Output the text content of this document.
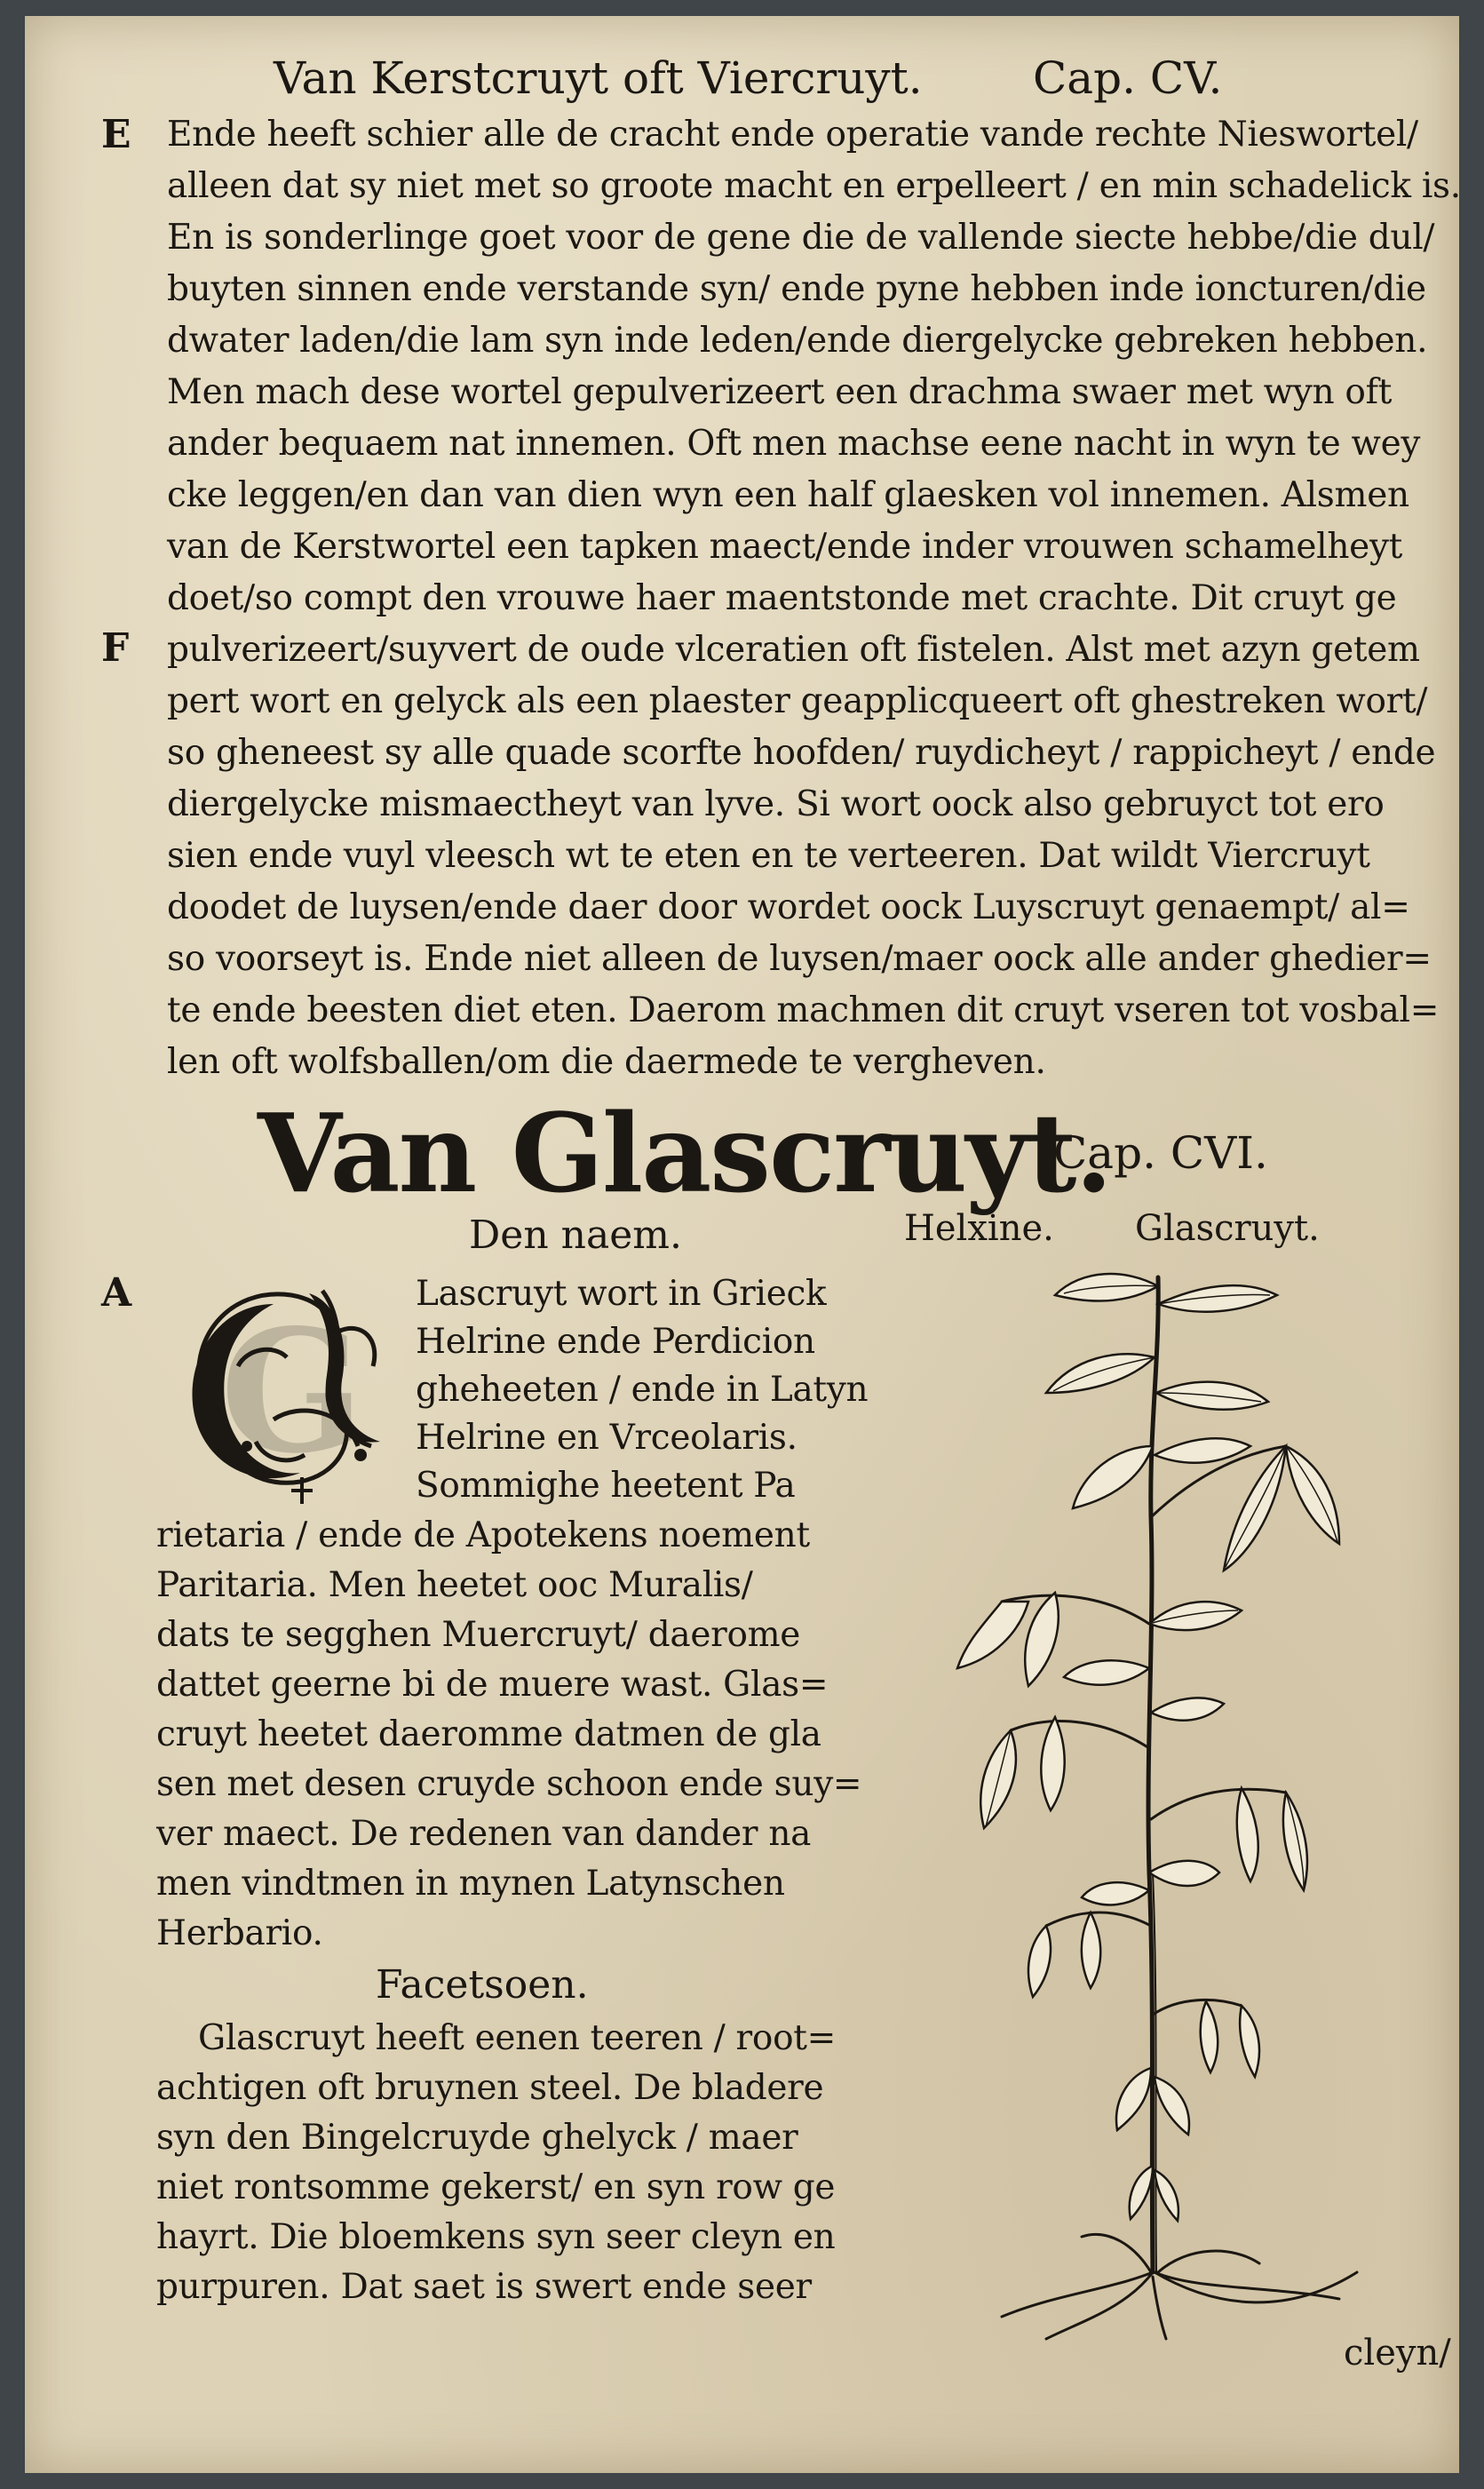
Van Kerstcruyt oft Viercruyt. Cap. CV.
E
F
Ende heeft schier alle de cracht ende operatie vande rechte Nieswortel/
alleen dat sy niet met so groote macht en erpelleert / en min schadelick is.
En is sonderlinge goet voor de gene die de vallende siecte hebbe/die dul/
buyten sinnen ende verstande syn/ ende pyne hebben inde ioncturen/die
dwater laden/die lam syn inde leden/ende diergelycke gebreken hebben.
Men mach dese wortel gepulverizeert een drachma swaer met wyn oft
ander bequaem nat innemen. Oft men machse eene nacht in wyn te wey
cke leggen/en dan van dien wyn een half glaesken vol innemen. Alsmen
van de Kerstwortel een tapken maect/ende inder vrouwen schamelheyt
doet/so compt den vrouwe haer maentstonde met crachte. Dit cruyt ge
pulverizeert/suyvert de oude vlceratien oft fistelen. Alst met azyn getem
pert wort en gelyck als een plaester geapplicqueert oft ghestreken wort/
so gheneest sy alle quade scorfte hoofden/ ruydicheyt / rappicheyt / ende
diergelycke mismaectheyt van lyve. Si wort oock also gebruyct tot ero
sien ende vuyl vleesch wt te eten en te verteeren. Dat wildt Viercruyt
doodet de luysen/ende daer door wordet oock Luyscruyt genaempt/ al=
so voorseyt is. Ende niet alleen de luysen/maer oock alle ander ghedier=
te ende beesten diet eten. Daerom machmen dit cruyt vseren tot vosbal=
len oft wolfsballen/om die daermede te vergheven.
Van Glascruyt.
Cap. CVI.
Den naem.	Helxine. Glascruyt.
A G Lascruyt wort in Grieck
Helrine ende Perdicion
gheheeten / ende in Latyn
Helrine en Vrceolaris.
Sommighe heetent Pa
rietaria / ende de Apotekens noement
Paritaria. Men heetet ooc Muralis/
dats te segghen Muercruyt/ daerome
dattet geerne bi de muere wast. Glas=
cruyt heetet daeromme datmen de gla
sen met desen cruyde schoon ende suy=
ver maect. De redenen van dander na
men vindtmen in mynen Latynschen
Herbario.
Facetsoen.
Glascruyt heeft eenen teeren / root=
achtigen oft bruynen steel. De bladere
syn den Bingelcruyde ghelyck / maer
niet rontsomme gekerst/ en syn row ge
hayrt. Die bloemkens syn seer cleyn en
purpuren. Dat saet is swert ende seer
cleyn/
